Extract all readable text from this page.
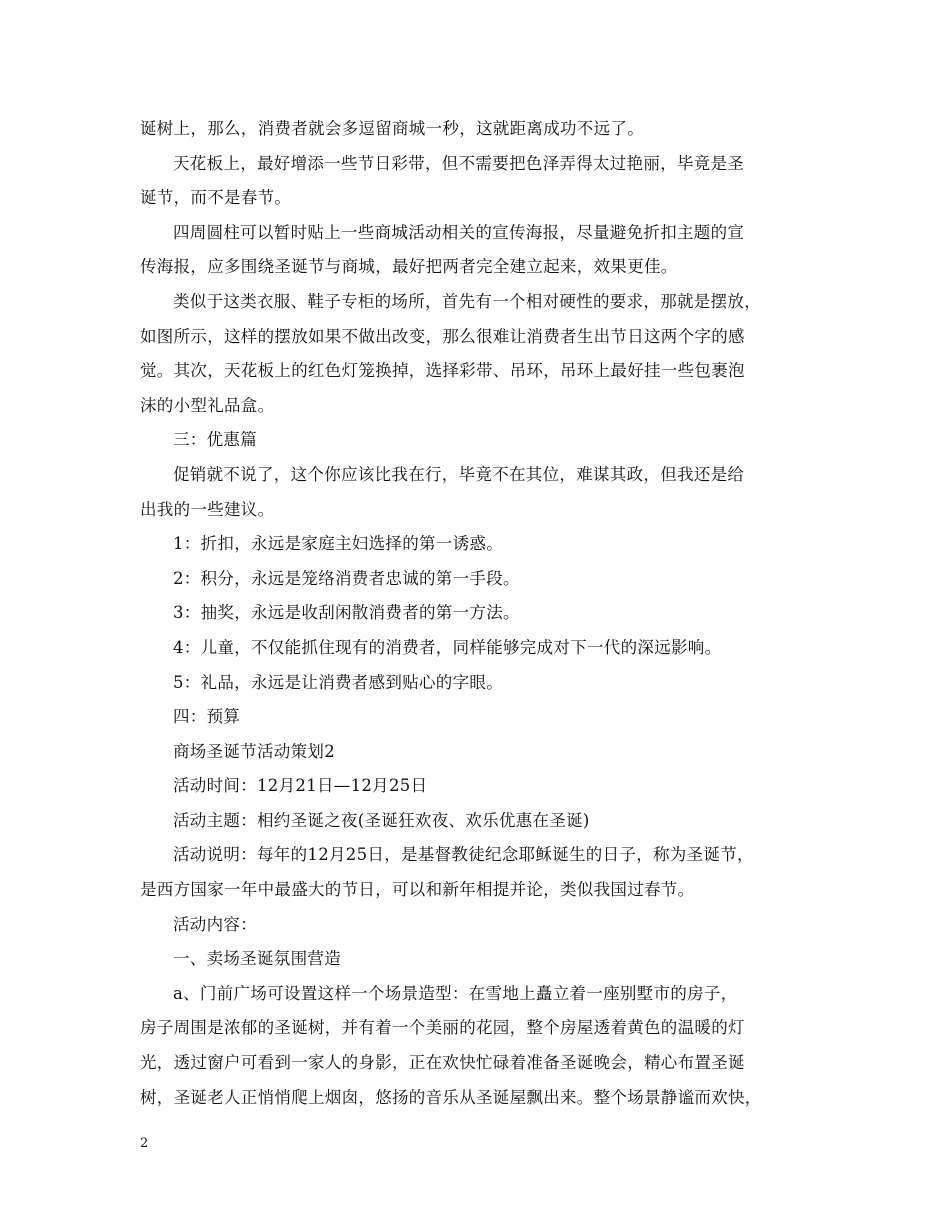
诞树上，那么，消费者就会多逗留商城一秒，这就距离成功不远了。
天花板上，最好增添一些节日彩带，但不需要把色泽弄得太过艳丽，毕竟是圣
诞节，而不是春节。
四周圆柱可以暂时贴上一些商城活动相关的宣传海报，尽量避免折扣主题的宣
传海报，应多围绕圣诞节与商城，最好把两者完全建立起来，效果更佳。
类似于这类衣服、鞋子专柜的场所，首先有一个相对硬性的要求，那就是摆放，
如图所示，这样的摆放如果不做出改变，那么很难让消费者生出节日这两个字的感
觉。其次，天花板上的红色灯笼换掉，选择彩带、吊环，吊环上最好挂一些包裹泡
沫的小型礼品盒。
三：优惠篇
促销就不说了，这个你应该比我在行，毕竟不在其位，难谋其政，但我还是给
出我的一些建议。
1：折扣，永远是家庭主妇选择的第一诱惑。
2：积分，永远是笼络消费者忠诚的第一手段。
3：抽奖，永远是收刮闲散消费者的第一方法。
4：儿童，不仅能抓住现有的消费者，同样能够完成对下一代的深远影响。
5：礼品，永远是让消费者感到贴心的字眼。
四：预算
商场圣诞节活动策划2
活动时间：12月21日—12月25日
活动主题：相约圣诞之夜(圣诞狂欢夜、欢乐优惠在圣诞)
活动说明：每年的12月25日，是基督教徒纪念耶稣诞生的日子，称为圣诞节，
是西方国家一年中最盛大的节日，可以和新年相提并论，类似我国过春节。
活动内容：
一、卖场圣诞氛围营造
a、门前广场可设置这样一个场景造型：在雪地上矗立着一座别墅市的房子，
房子周围是浓郁的圣诞树，并有着一个美丽的花园，整个房屋透着黄色的温暖的灯
光，透过窗户可看到一家人的身影，正在欢快忙碌着准备圣诞晚会，精心布置圣诞
树，圣诞老人正悄悄爬上烟囱，悠扬的音乐从圣诞屋飘出来。整个场景静谧而欢快，
2
